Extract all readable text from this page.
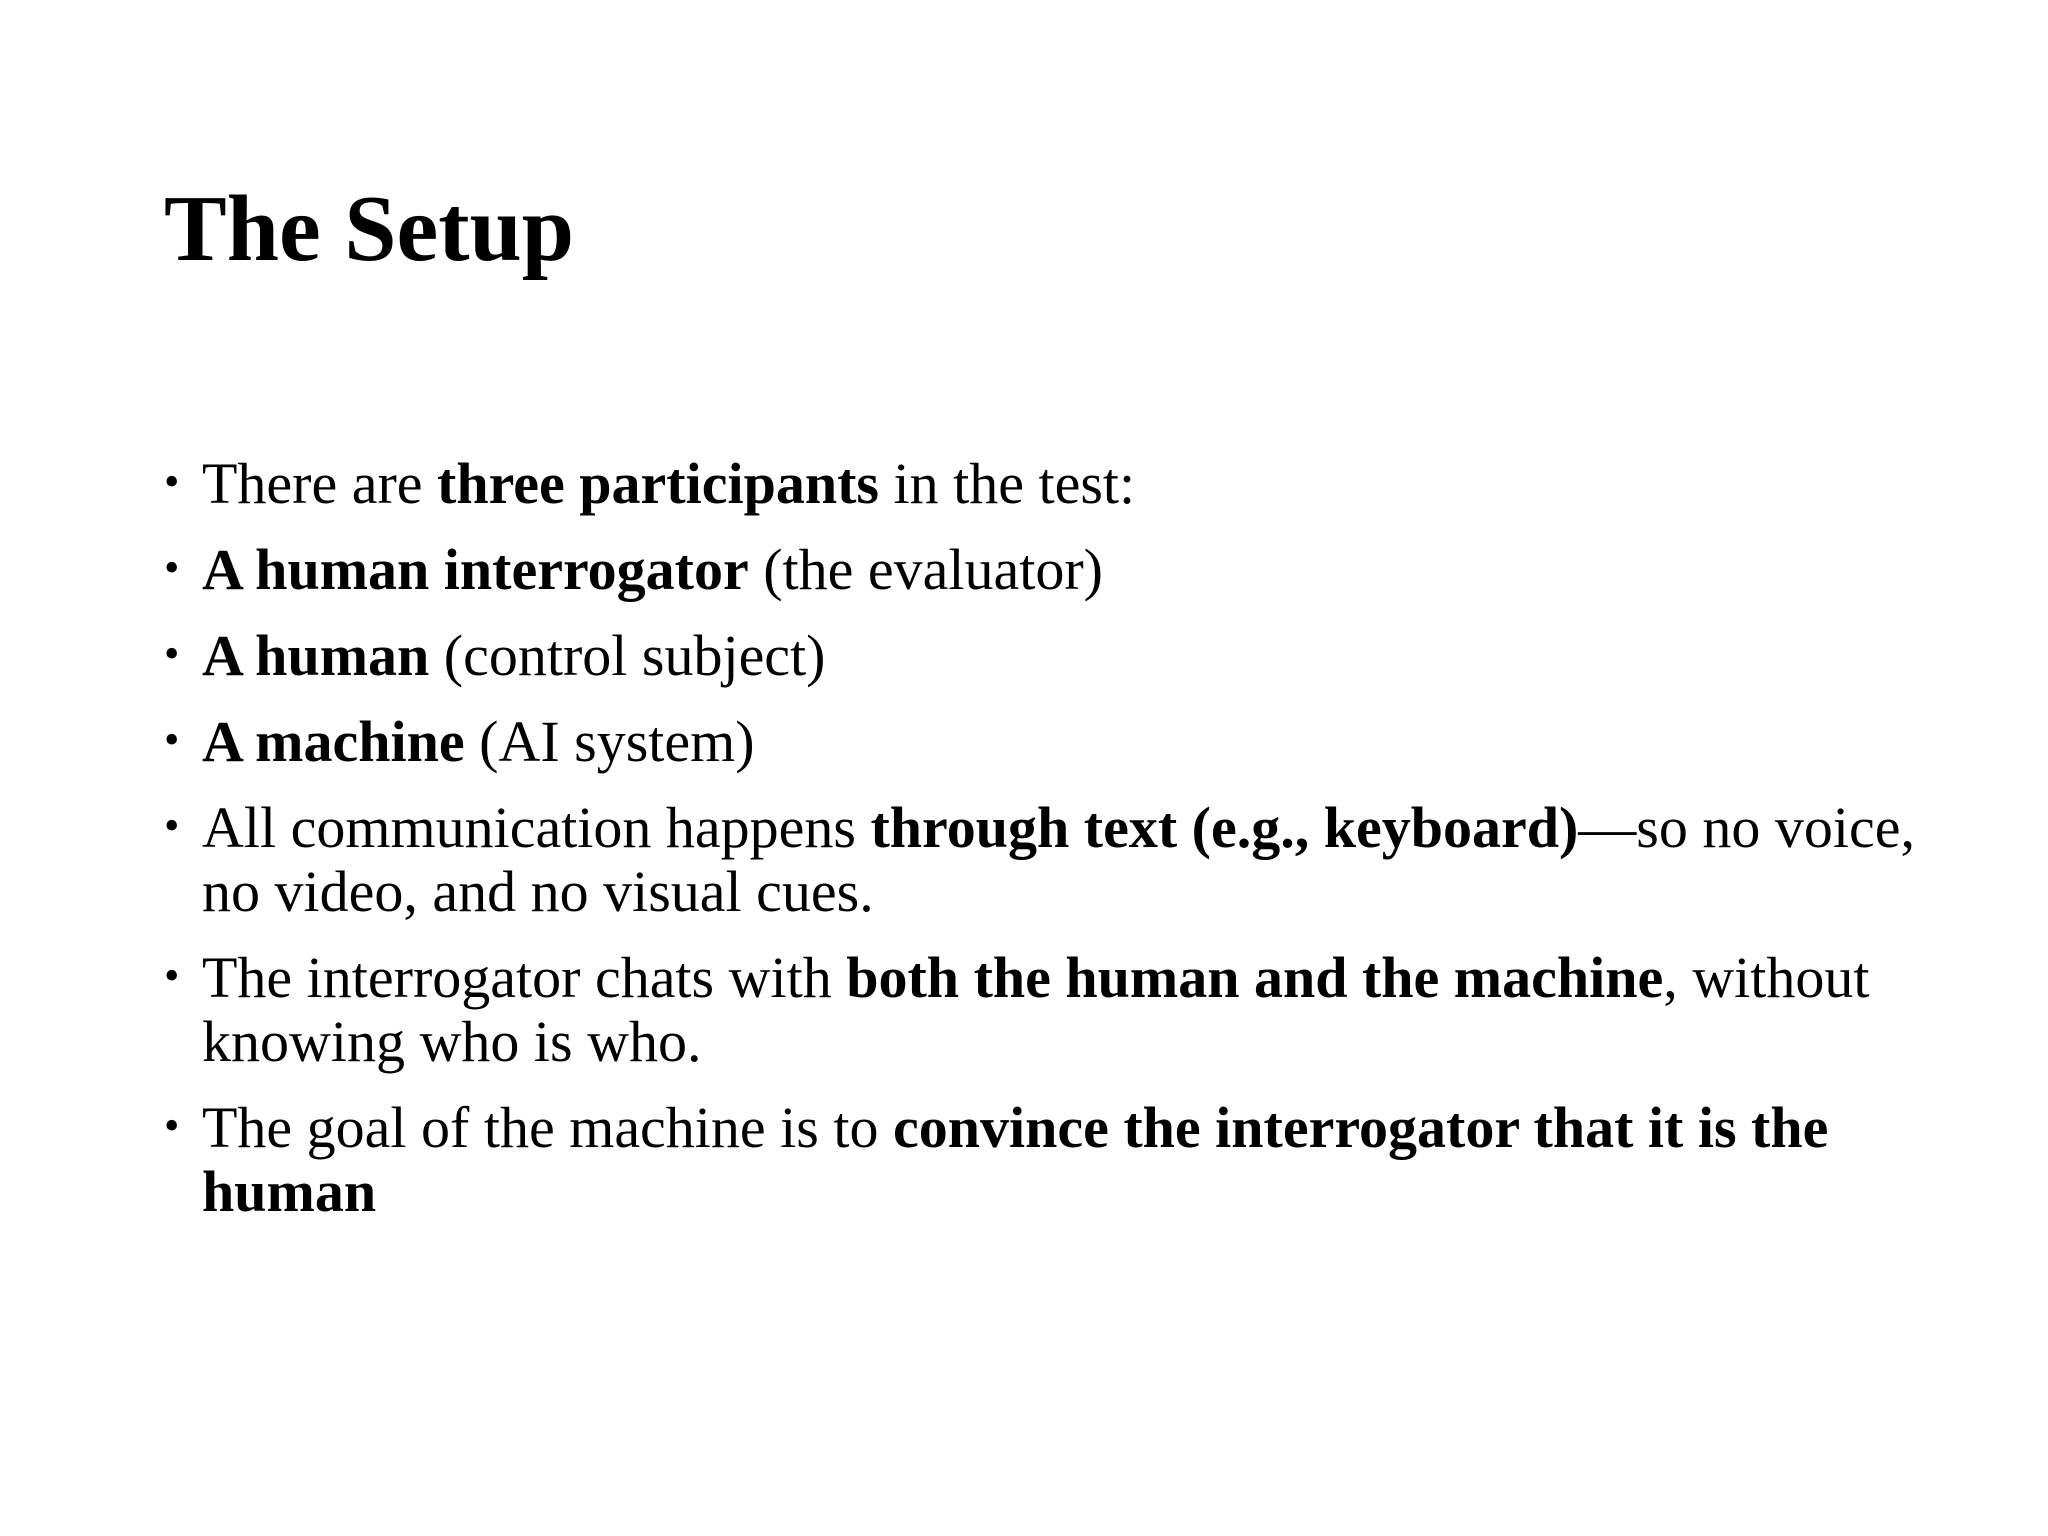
The Setup
• There are three participants in the test:
• A human interrogator (the evaluator)
• A human (control subject)
• A machine (AI system)
• All communication happens through text (e.g., keyboard)—so no voice, no video, and no visual cues.
• The interrogator chats with both the human and the machine, without knowing who is who.
• The goal of the machine is to convince the interrogator that it is the human
